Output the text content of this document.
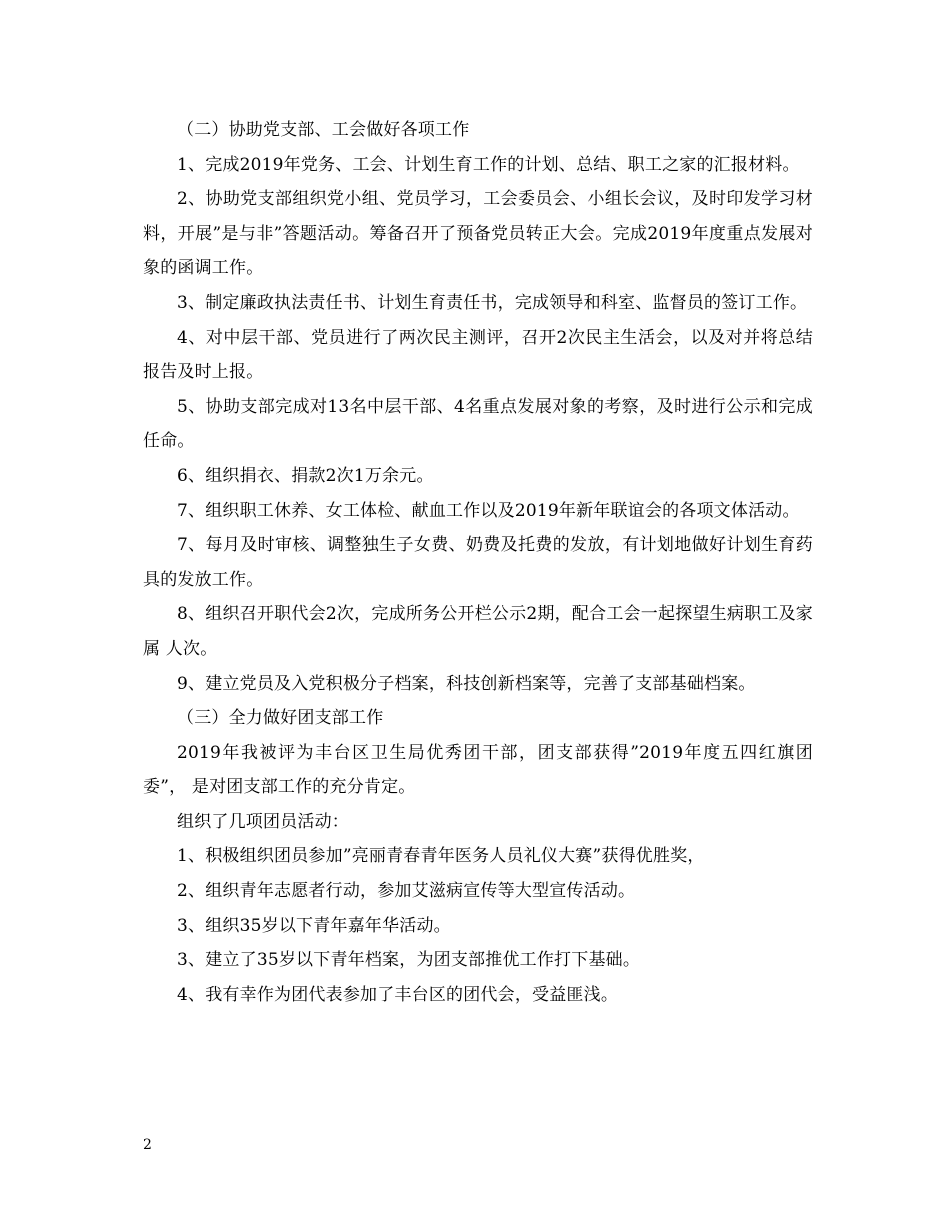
（二）协助党支部、工会做好各项工作

1、完成2019年党务、工会、计划生育工作的计划、总结、职工之家的汇报材料。

2、协助党支部组织党小组、党员学习，工会委员会、小组长会议，及时印发学习材料，开展”是与非”答题活动。筹备召开了预备党员转正大会。完成2019年度重点发展对象的函调工作。

3、制定廉政执法责任书、计划生育责任书，完成领导和科室、监督员的签订工作。

4、对中层干部、党员进行了两次民主测评，召开2次民主生活会，以及对并将总结报告及时上报。

5、协助支部完成对13名中层干部、4名重点发展对象的考察，及时进行公示和完成任命。

6、组织捐衣、捐款2次1万余元。

7、组织职工休养、女工体检、献血工作以及2019年新年联谊会的各项文体活动。

7、每月及时审核、调整独生子女费、奶费及托费的发放，有计划地做好计划生育药具的发放工作。

8、组织召开职代会2次，完成所务公开栏公示2期，配合工会一起探望生病职工及家属 人次。

9、建立党员及入党积极分子档案，科技创新档案等，完善了支部基础档案。

（三）全力做好团支部工作

2019年我被评为丰台区卫生局优秀团干部，团支部获得”2019年度五四红旗团委”， 是对团支部工作的充分肯定。

组织了几项团员活动：

1、积极组织团员参加”亮丽青春青年医务人员礼仪大赛”获得优胜奖，

2、组织青年志愿者行动，参加艾滋病宣传等大型宣传活动。

3、组织35岁以下青年嘉年华活动。

3、建立了35岁以下青年档案，为团支部推优工作打下基础。

4、我有幸作为团代表参加了丰台区的团代会，受益匪浅。

2
